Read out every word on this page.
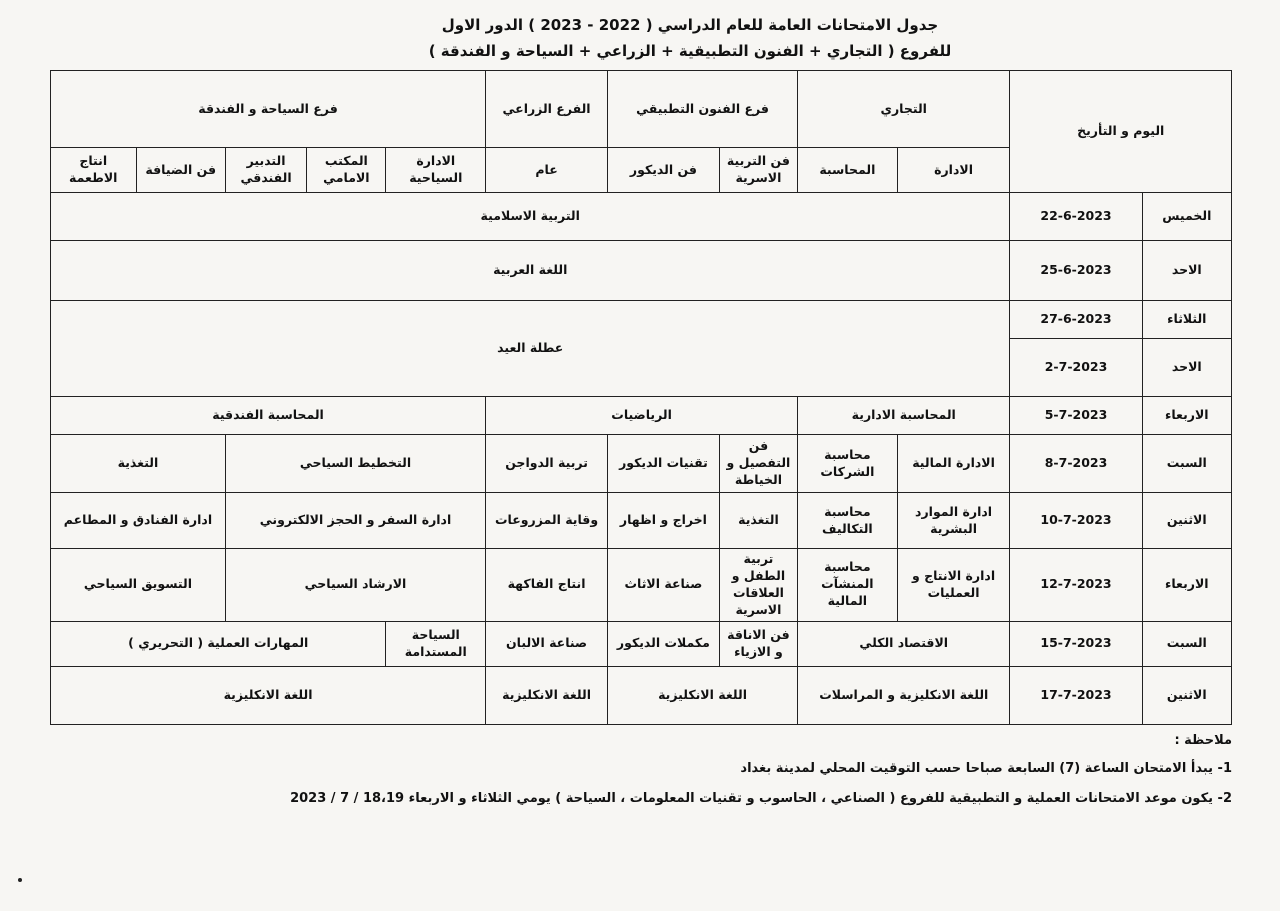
جدول الامتحانات العامة للعام الدراسي ( 2022 - 2023 ) الدور الاول
للفروع ( التجاري + الفنون التطبيقية + الزراعي + السياحة و الفندقة )
اليوم و التأريخ		التجاري		فرع الفنون التطبيقي		الفرع الزراعي	فرع السياحة و الفندقة				
		الادارة	المحاسبة	فن التربية الاسرية	فن الديكور	عام	الادارة السياحية	المكتب الامامي	التدبير الفندقي	فن الضيافة	انتاج الاطعمة
الخميس	22-6-2023	التربية الاسلامية									
الاحد	25-6-2023	اللغة العربية									
الثلاثاء	27-6-2023	عطلة العيد									
الاحد	2-7-2023										
الاربعاء	5-7-2023	المحاسبة الادارية		الرياضيات			المحاسبة الفندقية				
السبت	8-7-2023	الادارة المالية	محاسبة الشركات	فن التفصيل و الخياطة	تقنيات الديكور	تربية الدواجن	التخطيط السياحي			التغذية	
الاثنين	10-7-2023	ادارة الموارد البشرية	محاسبة التكاليف	التغذية	اخراج و اظهار	وقاية المزروعات	ادارة السفر و الحجز الالكتروني			ادارة الفنادق و المطاعم	
الاربعاء	12-7-2023	ادارة الانتاج و العمليات	محاسبة المنشآت المالية	تربية الطفل و العلاقات الاسرية	صناعة الاثاث	انتاج الفاكهة	الارشاد السياحي			التسويق السياحي	
السبت	15-7-2023	الاقتصاد الكلي		فن الاناقة و الازياء	مكملات الديكور	صناعة الالبان	السياحة المستدامة	المهارات العملية ( التحريري )			
الاثنين	17-7-2023	اللغة الانكليزية و المراسلات		اللغة الانكليزية		اللغة الانكليزية	اللغة الانكليزية				
ملاحظة :
1- يبدأ الامتحان الساعة (7) السابعة صباحا حسب التوقيت المحلي لمدينة بغداد
2- يكون موعد الامتحانات العملية و التطبيقية للفروع ( الصناعي ، الحاسوب و تقنيات المعلومات ، السياحة ) يومي الثلاثاء و الاربعاء 18،19 / 7 / 2023
